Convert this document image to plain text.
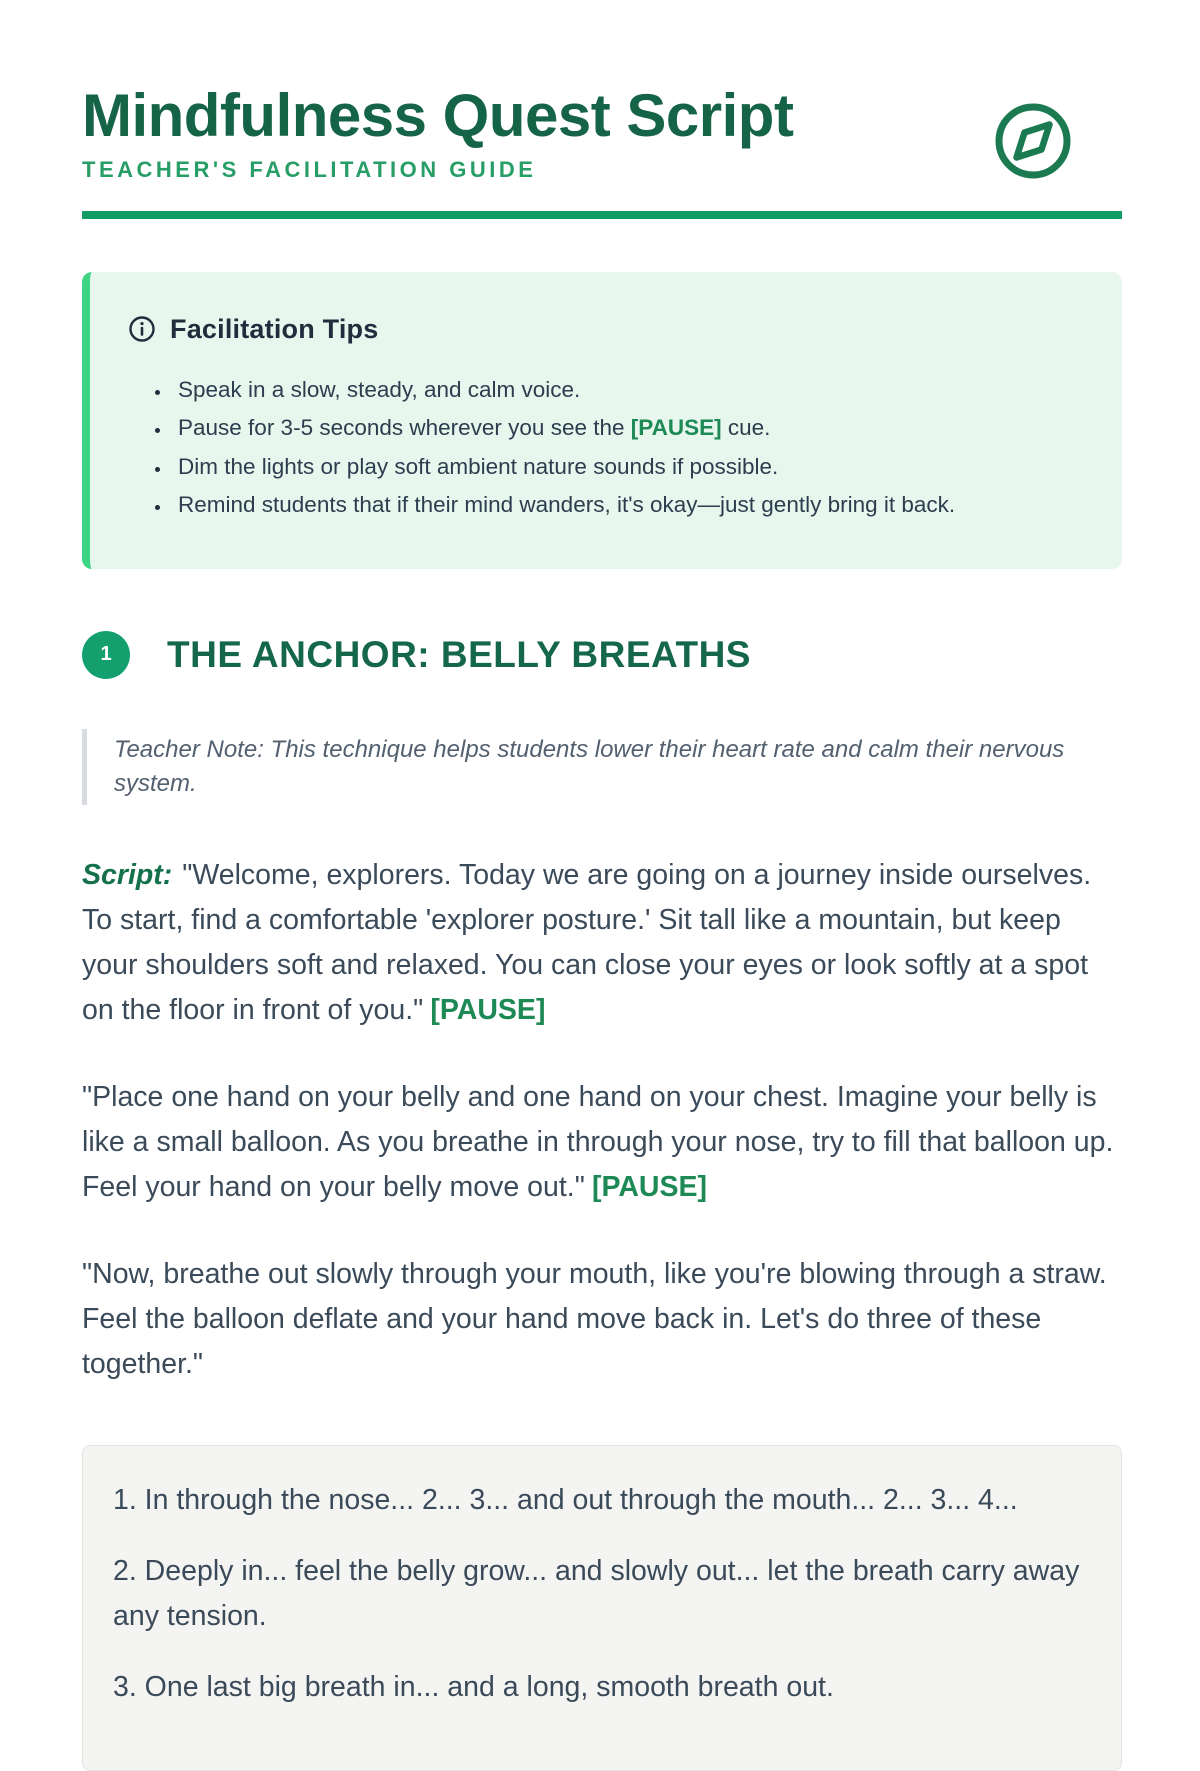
Mindfulness Quest Script
TEACHER'S FACILITATION GUIDE
Facilitation Tips
• Speak in a slow, steady, and calm voice.
• Pause for 3-5 seconds wherever you see the [PAUSE] cue.
• Dim the lights or play soft ambient nature sounds if possible.
• Remind students that if their mind wanders, it's okay—just gently bring it back.
1	THE ANCHOR: BELLY BREATHS
Teacher Note: This technique helps students lower their heart rate and calm their nervous system.

Script: "Welcome, explorers. Today we are going on a journey inside ourselves. To start, find a comfortable 'explorer posture.' Sit tall like a mountain, but keep your shoulders soft and relaxed. You can close your eyes or look softly at a spot on the floor in front of you." [PAUSE]

"Place one hand on your belly and one hand on your chest. Imagine your belly is like a small balloon. As you breathe in through your nose, try to fill that balloon up. Feel your hand on your belly move out." [PAUSE]

"Now, breathe out slowly through your mouth, like you're blowing through a straw. Feel the balloon deflate and your hand move back in. Let's do three of these together."

1. In through the nose... 2... 3... and out through the mouth... 2... 3... 4...
2. Deeply in... feel the belly grow... and slowly out... let the breath carry away any tension.
3. One last big breath in... and a long, smooth breath out.
